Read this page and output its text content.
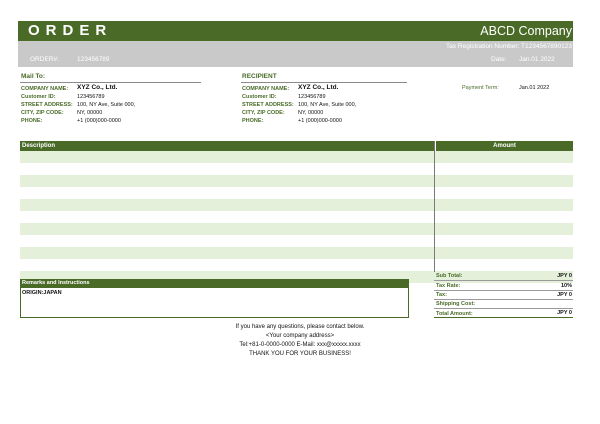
ORDER	ABCD Company
Tax Registration Number: T1234567890123
ORDER#:	123456789	Date: Jan.01 2022
Mail To:
COMPANY NAME: XYZ Co., Ltd.
Customer ID:	123456789
STREET ADDRESS: 100, NY Ave, Suite 000,
CITY, ZIP CODE: NY, 00000
PHONE:	+1 (000)000-0000
RECIPIENT
COMPANY NAME: XYZ Co., Ltd.
Customer ID:	123456789
STREET ADDRESS: 100, NY Ave, Suite 000,
CITY, ZIP CODE: NY, 00000
PHONE:	+1 (000)000-0000
Payment Term:	Jan.01 2022
Description	Amount
Sub Total:	JPY 0
Tax Rate:	10%
Tax:	JPY 0
Shipping Cost:
Total Amount:	JPY 0
Remarks and Instructions
ORIGIN:JAPAN
If you have any questions, please contact below.
<Your company address>
Tel:+81-0-0000-0000 E-Mail: xxx@xxxxx.xxxx
THANK YOU FOR YOUR BUSINESS!
